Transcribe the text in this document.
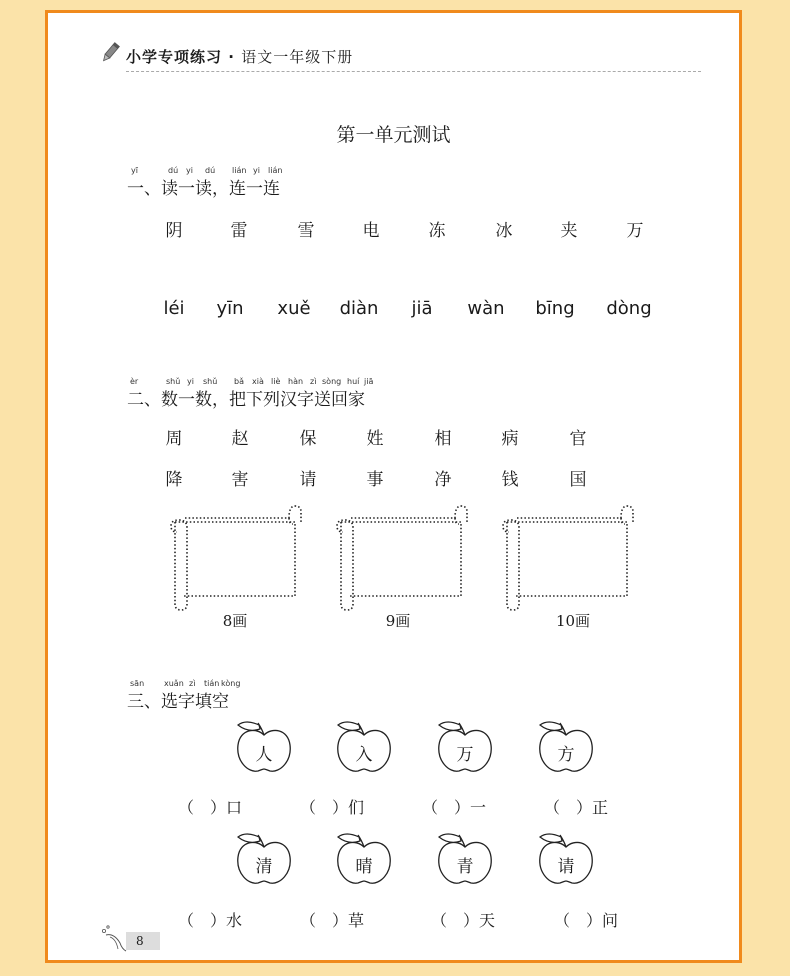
小学专项练习 · 语文一年级下册
第一单元测试
yī	dú yi dú lián yi lián
一、读一读，连一连
阴	雷	雪	电	冻	冰	夹	万
léi	yīn	xuě	diàn	jiā	wàn	bīng	dòng
èr	shǔ yi shǔ bǎ xià liè hàn zì sòng huí jiā
二、数一数，把下列汉字送回家
周	赵	保	姓	相	病	官
降	害	请	事	净	钱	国
8画	9画	10画
sān xuǎn zì tián kòng
三、选字填空
人	入	万	方
（　）口	（　）们	（　）一	（　）正
清	晴	青	请
（　）水	（　）草	（　）天	（　）问
8
